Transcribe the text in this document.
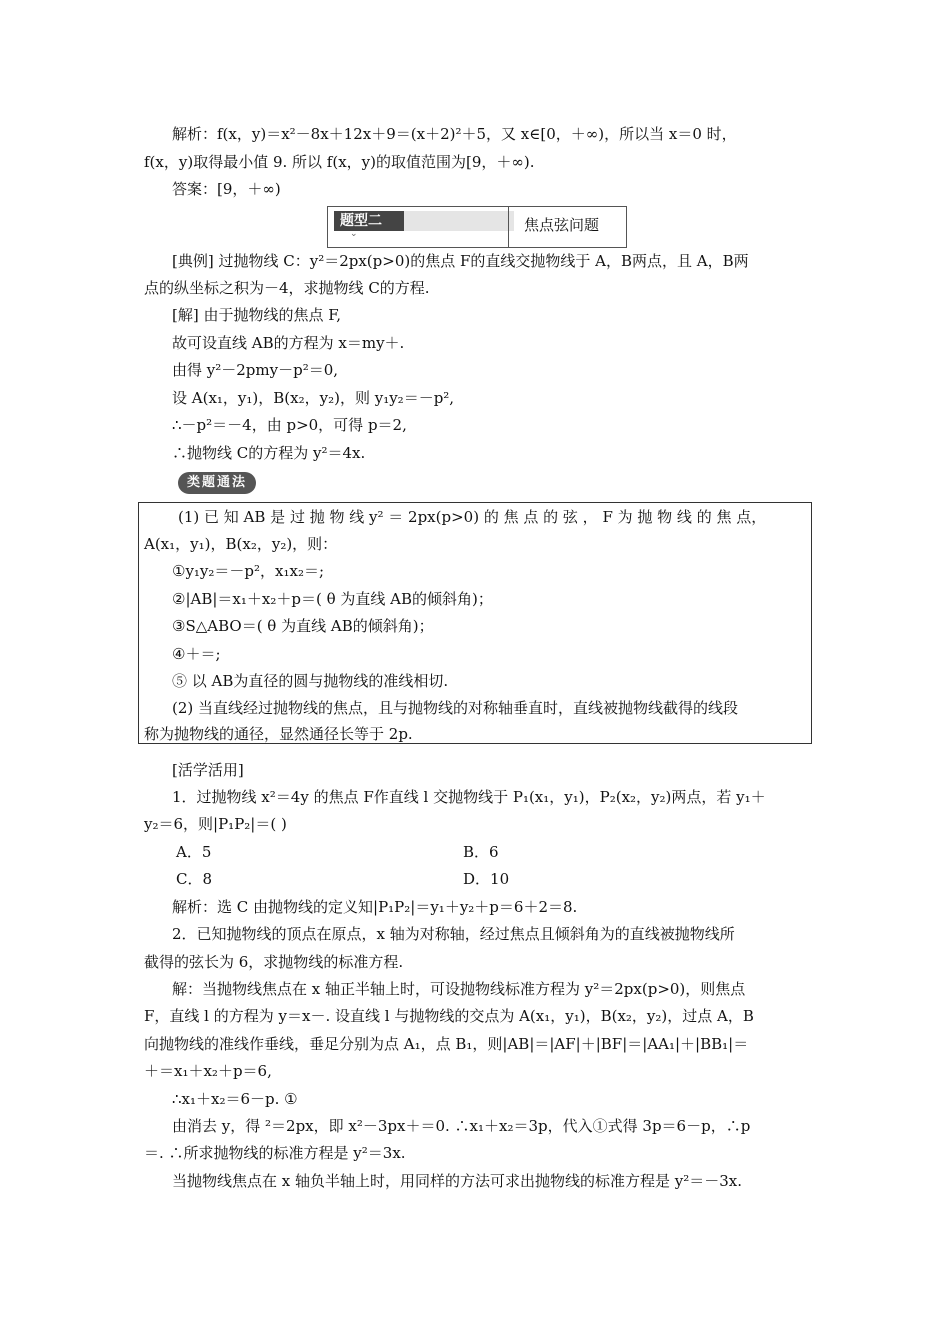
解析：f(x，y)＝x²－8x＋12x＋9＝(x＋2)²＋5，又 x∈[0，＋∞)，所以当 x＝0 时，
f(x，y)取得最小值 9. 所以 f(x，y)的取值范围为[9，＋∞).
答案：[9，＋∞)
题型二
⌄	焦点弦问题
[典例] 过抛物线 C：y²＝2px(p>0)的焦点 F的直线交抛物线于 A，B两点，且 A，B两
点的纵坐标之积为－4，求抛物线 C的方程.
[解] 由于抛物线的焦点 F,
故可设直线 AB的方程为 x＝my＋.
由得 y²－2pmy－p²＝0,
设 A(x₁，y₁)，B(x₂，y₂)，则 y₁y₂＝－p²,
∴－p²＝－4，由 p>0，可得 p＝2,
∴抛物线 C的方程为 y²＝4x.
类题通法
(1) 已 知 AB 是 过 抛 物 线 y² ＝ 2px(p>0) 的 焦 点 的 弦 ， F 为 抛 物 线 的 焦 点，
A(x₁，y₁)，B(x₂，y₂)，则：
①y₁y₂＝－p²，x₁x₂＝;
②|AB|＝x₁＋x₂＋p＝( θ 为直线 AB的倾斜角)；
③S△ABO＝( θ 为直线 AB的倾斜角)；
④＋＝;
⑤ 以 AB为直径的圆与抛物线的准线相切.
(2) 当直线经过抛物线的焦点，且与抛物线的对称轴垂直时，直线被抛物线截得的线段
称为抛物线的通径，显然通径长等于 2p.
[活学活用]
1．过抛物线 x²＝4y 的焦点 F作直线 l 交抛物线于 P₁(x₁，y₁)，P₂(x₂，y₂)两点，若 y₁＋
y₂＝6，则|P₁P₂|＝( )
A．5	B．6
C．8	D．10
解析：选 C 由抛物线的定义知|P₁P₂|＝y₁＋y₂＋p＝6＋2＝8.
2．已知抛物线的顶点在原点，x 轴为对称轴，经过焦点且倾斜角为的直线被抛物线所
截得的弦长为 6，求抛物线的标准方程.
解：当抛物线焦点在 x 轴正半轴上时，可设抛物线标准方程为 y²＝2px(p>0)，则焦点
F，直线 l 的方程为 y＝x－. 设直线 l 与抛物线的交点为 A(x₁，y₁)，B(x₂，y₂)，过点 A，B
向抛物线的准线作垂线，垂足分别为点 A₁，点 B₁，则|AB|＝|AF|＋|BF|＝|AA₁|＋|BB₁|＝
＋＝x₁＋x₂＋p＝6,
∴x₁＋x₂＝6－p. ①
由消去 y，得 ²＝2px，即 x²－3px＋＝0. ∴x₁＋x₂＝3p，代入①式得 3p＝6－p，∴p
＝. ∴所求抛物线的标准方程是 y²＝3x.
当抛物线焦点在 x 轴负半轴上时，用同样的方法可求出抛物线的标准方程是 y²＝－3x.
